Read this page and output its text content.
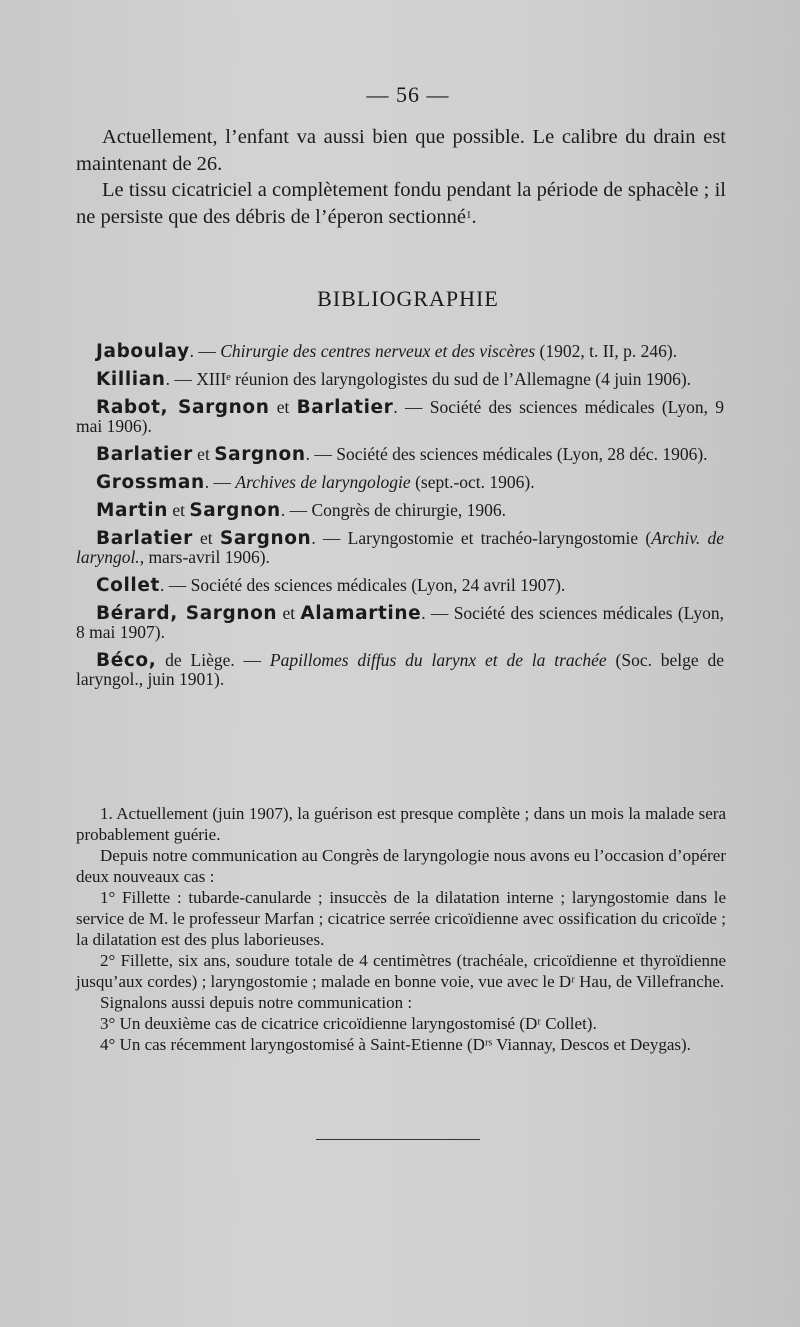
— 56 —

Actuellement, l’enfant va aussi bien que possible. Le calibre du drain est maintenant de 26.

Le tissu cicatriciel a complètement fondu pendant la période de sphacèle ; il ne persiste que des débris de l’éperon sectionné$^1$.

BIBLIOGRAPHIE

Jaboulay. — Chirurgie des centres nerveux et des viscères (1902, t. II, p. 246).

Killian. — XIIIᵉ réunion des laryngologistes du sud de l’Allemagne (4 juin 1906).

Rabot, Sargnon et Barlatier. — Société des sciences médicales (Lyon, 9 mai 1906).

Barlatier et Sargnon. — Société des sciences médicales (Lyon, 28 déc. 1906).

Grossman. — Archives de laryngologie (sept.-oct. 1906).

Martin et Sargnon. — Congrès de chirurgie, 1906.

Barlatier et Sargnon. — Laryngostomie et trachéo-laryngostomie (Archiv. de laryngol., mars-avril 1906).

Collet. — Société des sciences médicales (Lyon, 24 avril 1907).

Bérard, Sargnon et Alamartine. — Société des sciences médicales (Lyon, 8 mai 1907).

Béco, de Liège. — Papillomes diffus du larynx et de la trachée (Soc. belge de laryngol., juin 1901).

1. Actuellement (juin 1907), la guérison est presque complète ; dans un mois la malade sera probablement guérie.

Depuis notre communication au Congrès de laryngologie nous avons eu l’occasion d’opérer deux nouveaux cas :

1° Fillette : tubarde-canularde ; insuccès de la dilatation interne ; laryngostomie dans le service de M. le professeur Marfan ; cicatrice serrée cricoïdienne avec ossification du cricoïde ; la dilatation est des plus laborieuses.

2° Fillette, six ans, soudure totale de 4 centimètres (trachéale, cricoïdienne et thyroïdienne jusqu’aux cordes) ; laryngostomie ; malade en bonne voie, vue avec le Dʳ Hau, de Villefranche.

Signalons aussi depuis notre communication :

3° Un deuxième cas de cicatrice cricoïdienne laryngostomisé (Dʳ Collet).

4° Un cas récemment laryngostomisé à Saint-Etienne (Dʳˢ Viannay, Descos et Deygas).
